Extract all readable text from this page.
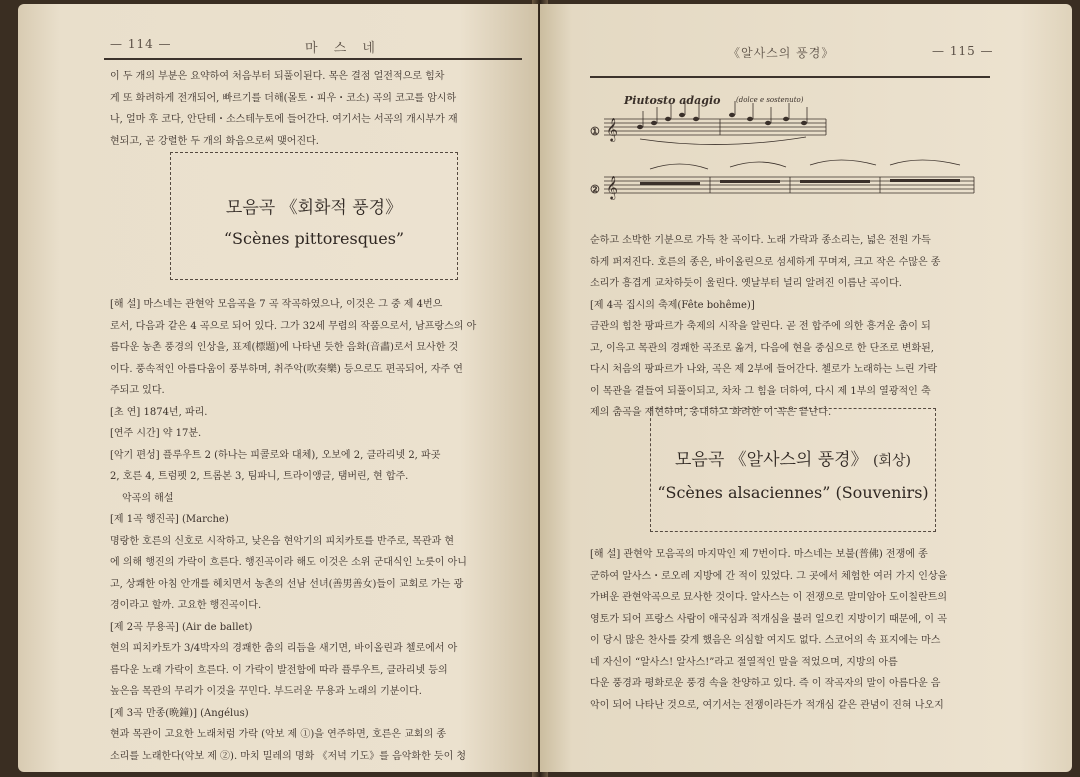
— 114 —	마 스 네
이 두 개의 부분은 요약하여 처음부터 되풀이된다. 목은 결점 얼전적으로 힘차
게 또 화려하게 전개되어, 빠르기를 더해(몰토・피우・코소) 곡의 코고를 암시하
나, 얼마 후 코다, 안단테・소스테누토에 들어간다. 여기서는 서곡의 개시부가 재
현되고, 곧 강렬한 두 개의 화음으로써 맺어진다.
모음곡 《회화적 풍경》
“Scènes pittoresques”
[해 설] 마스네는 관현악 모음곡을 7 곡 작곡하였으나, 이것은 그 중 제 4번으
로서, 다음과 같은 4 곡으로 되어 있다. 그가 32세 무렵의 작품으로서, 남프랑스의 아
름다운 농촌 풍경의 인상을, 표제(標題)에 나타낸 듯한 음화(音畵)로서 묘사한 것
이다. 풍속적인 아름다움이 풍부하며, 취주악(吹奏樂) 등으로도 편곡되어, 자주 연
주되고 있다.
[초 연] 1874년, 파리.
[연주 시간] 약 17분.
[악기 편성] 플루우트 2 (하나는 피콜로와 대체), 오보에 2, 클라리넷 2, 파곳
2, 호른 4, 트럼펫 2, 트롬본 3, 팀파니, 트라이앵글, 탬버린, 현 합주.
악곡의 해설
[제 1곡 행진곡] (Marche)
명랑한 호른의 신호로 시작하고, 낮은음 현악기의 피치카토를 반주로, 목관과 현
에 의해 행진의 가락이 흐른다. 행진곡이라 해도 이것은 소위 군대식인 노릇이 아니
고, 상쾌한 아침 안개를 헤치면서 농촌의 선남 선녀(善男善女)들이 교회로 가는 광
경이라고 할까. 고요한 행진곡이다.
[제 2곡 무용곡] (Air de ballet)
현의 피치카토가 3/4박자의 경쾌한 춤의 리듬을 새기면, 바이올린과 첼로에서 아
름다운 노래 가락이 흐른다. 이 가락이 발전함에 따라 플루우트, 클라리넷 등의
높은음 목관의 무리가 이것을 꾸민다. 부드러운 무용과 노래의 기분이다.
[제 3곡 만종(晩鐘)] (Angélus)
현과 목관이 고요한 노래처럼 가락 (악보 제 ①)을 연주하면, 호른은 교회의 종
소리를 노래한다(악보 제 ②). 마치 밀레의 명화 《저녁 기도》를 음악화한 듯이 청
《알사스의 풍경》	— 115 —
Piutosto adagio (dolce e sostenuto)
①
②
𝄞
𝄞
순하고 소박한 기분으로 가득 찬 곡이다. 노래 가락과 종소리는, 넓은 전원 가득
하게 퍼져진다. 호른의 종은, 바이올린으로 섬세하게 꾸며져, 크고 작은 수많은 종
소리가 흥겹게 교차하듯이 울린다. 옛날부터 널리 알려진 이름난 곡이다.
[제 4곡 집시의 축제(Fête bohême)]
금관의 힘찬 팡파르가 축제의 시작을 알린다. 곧 전 합주에 의한 흥겨운 춤이 되
고, 이윽고 목관의 경쾌한 곡조로 옮겨, 다음에 현을 중심으로 한 단조로 변화된,
다시 처음의 팡파르가 나와, 곡은 제 2부에 들어간다. 첼로가 노래하는 느린 가락
이 목관을 곁들여 되풀이되고, 차차 그 힘을 더하여, 다시 제 1부의 열광적인 축
제의 춤곡을 재현하며, 웅대하고 화려한 이 곡은 끝난다.
모음곡 《알사스의 풍경》 (회상)
“Scènes alsaciennes” (Souvenirs)
[해 설] 관현악 모음곡의 마지막인 제 7번이다. 마스네는 보불(普佛) 전쟁에 종
군하여 알사스・로오레 지방에 간 적이 있었다. 그 곳에서 체험한 여러 가지 인상을
가벼운 관현악곡으로 묘사한 것이다. 알사스는 이 전쟁으로 말미암아 도이칠란트의
영토가 되어 프랑스 사람이 애국심과 적개심을 불러 일으킨 지방이기 때문에, 이 곡
이 당시 많은 찬사를 갖게 했음은 의심할 여지도 없다. 스코어의 속 표지에는 마스
네 자신이 “알사스! 알사스!”라고 절열적인 말을 적었으며, 지방의 아름
다운 풍경과 평화로운 풍경 속을 찬양하고 있다. 즉 이 작곡자의 말이 아름다운 음
악이 되어 나타난 것으로, 여기서는 전쟁이라든가 적개심 같은 관념이 진혀 나오지
